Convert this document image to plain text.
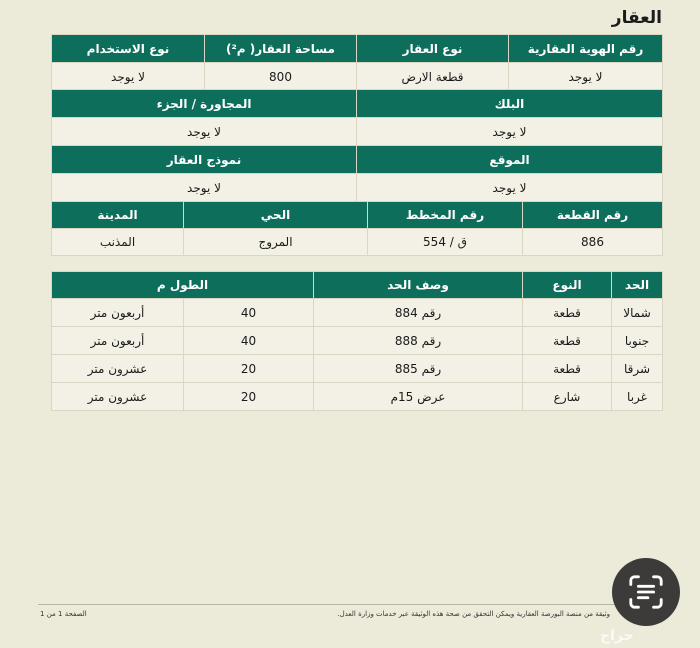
العقار
رقم الهوية العقارية	نوع العقار	مساحة العقار( م²)	نوع الاستخدام
لا يوجد	قطعة الارض	800	لا يوجد
البلك	المجاورة / الجزء
لا يوجد	لا يوجد
الموقع	نموذج العقار
لا يوجد	لا يوجد
رقم القطعة	رقم المخطط	الحي	المدينة
886	554 / ق	المروج	المذنب
الحد	النوع	وصف الحد	الطول م	
شمالا	قطعة	رقم 884	40	أربعون متر
جنوبا	قطعة	رقم 888	40	أربعون متر
شرقا	قطعة	رقم 885	20	عشرون متر
غربا	شارع	عرض 15م	20	عشرون متر
وثيقة من منصة البورصة العقارية ويمكن التحقق من صحة هذه الوثيقة عبر خدمات وزارة العدل.
الصفحة 1 من 1
حراج
